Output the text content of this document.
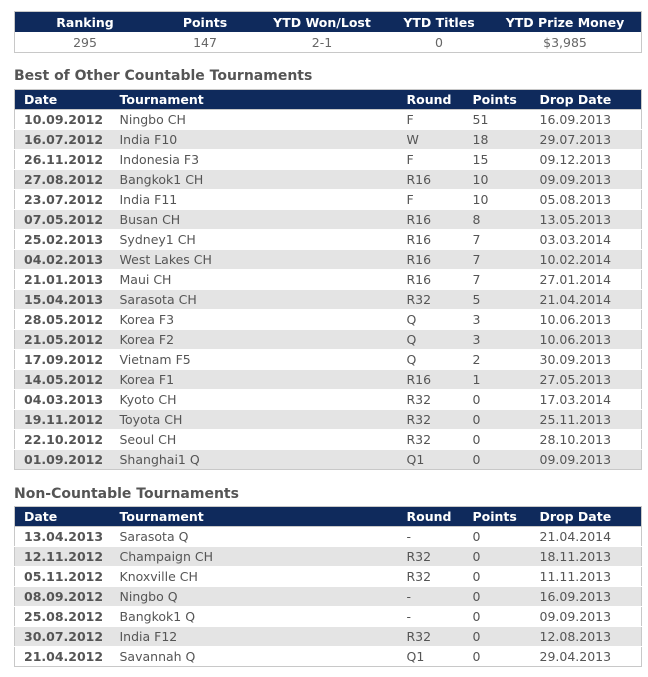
Ranking	Points	YTD Won/Lost	YTD Titles	YTD Prize Money
295	147	2-1	0	$3,985
Best of Other Countable Tournaments
Date	Tournament	Round	Points	Drop Date
10.09.2012	Ningbo CH	F	51	16.09.2013
16.07.2012	India F10	W	18	29.07.2013
26.11.2012	Indonesia F3	F	15	09.12.2013
27.08.2012	Bangkok1 CH	R16	10	09.09.2013
23.07.2012	India F11	F	10	05.08.2013
07.05.2012	Busan CH	R16	8	13.05.2013
25.02.2013	Sydney1 CH	R16	7	03.03.2014
04.02.2013	West Lakes CH	R16	7	10.02.2014
21.01.2013	Maui CH	R16	7	27.01.2014
15.04.2013	Sarasota CH	R32	5	21.04.2014
28.05.2012	Korea F3	Q	3	10.06.2013
21.05.2012	Korea F2	Q	3	10.06.2013
17.09.2012	Vietnam F5	Q	2	30.09.2013
14.05.2012	Korea F1	R16	1	27.05.2013
04.03.2013	Kyoto CH	R32	0	17.03.2014
19.11.2012	Toyota CH	R32	0	25.11.2013
22.10.2012	Seoul CH	R32	0	28.10.2013
01.09.2012	Shanghai1 Q	Q1	0	09.09.2013
Non-Countable Tournaments
Date	Tournament	Round	Points	Drop Date
13.04.2013	Sarasota Q	-	0	21.04.2014
12.11.2012	Champaign CH	R32	0	18.11.2013
05.11.2012	Knoxville CH	R32	0	11.11.2013
08.09.2012	Ningbo Q	-	0	16.09.2013
25.08.2012	Bangkok1 Q	-	0	09.09.2013
30.07.2012	India F12	R32	0	12.08.2013
21.04.2012	Savannah Q	Q1	0	29.04.2013
